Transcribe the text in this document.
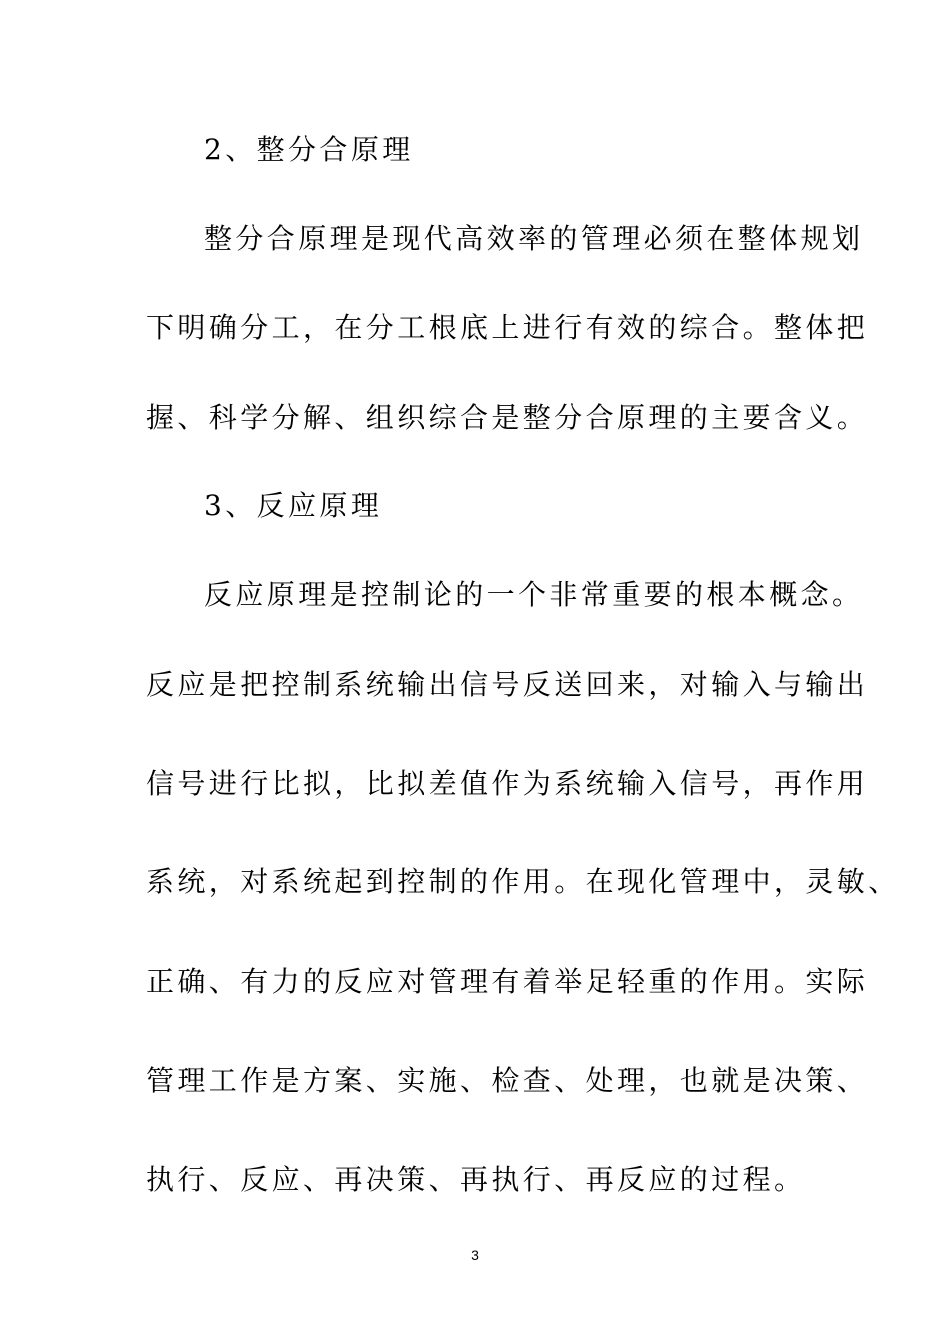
2、整分合原理
整分合原理是现代高效率的管理必须在整体规划
下明确分工，在分工根底上进行有效的综合。整体把
握、科学分解、组织综合是整分合原理的主要含义。
3、反应原理
反应原理是控制论的一个非常重要的根本概念。
反应是把控制系统输出信号反送回来，对输入与输出
信号进行比拟，比拟差值作为系统输入信号，再作用
系统，对系统起到控制的作用。在现化管理中，灵敏、
正确、有力的反应对管理有着举足轻重的作用。实际
管理工作是方案、实施、检查、处理，也就是决策、
执行、反应、再决策、再执行、再反应的过程。
3
